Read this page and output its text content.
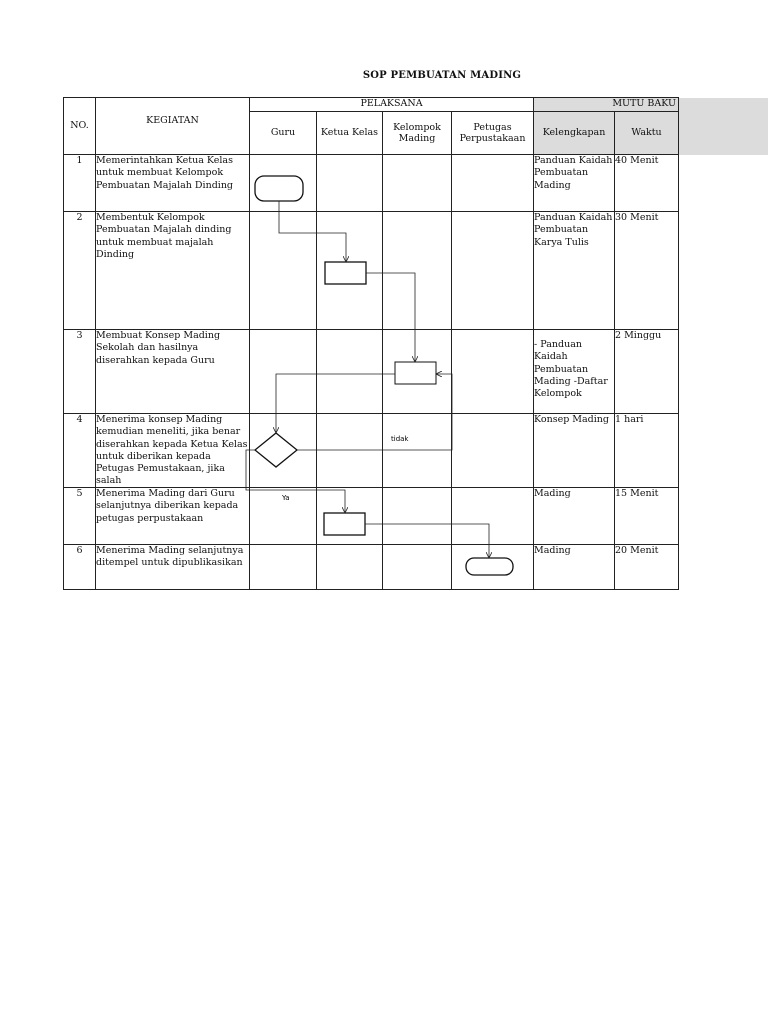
SOP PEMBUATAN MADING
NO.	KEGIATAN	PELAKSANA				MUTU BAKU	
		Guru	Ketua Kelas	Kelompok Mading	Petugas Perpustakaan	Kelengkapan	Waktu
1	Memerintahkan Ketua Kelas untuk membuat Kelompok Pembuatan Majalah Dinding					Panduan Kaidah Pembuatan Mading	40 Menit
2	Membentuk Kelompok Pembuatan Majalah dinding untuk membuat majalah Dinding					Panduan Kaidah Pembuatan Karya Tulis	30 Menit
3	Membuat Konsep Mading Sekolah dan hasilnya diserahkan kepada Guru					- Panduan Kaidah Pembuatan Mading -Daftar Kelompok	2 Minggu
4	Menerima konsep Mading kemudian meneliti, jika benar diserahkan kepada Ketua Kelas untuk diberikan kepada Petugas Pemustakaan, jika salah					Konsep Mading	1 hari
5	Menerima Mading dari Guru selanjutnya diberikan kepada petugas perpustakaan					Mading	15 Menit
6	Menerima Mading selanjutnya ditempel untuk dipublikasikan					Mading	20 Menit
tidak
Ya
